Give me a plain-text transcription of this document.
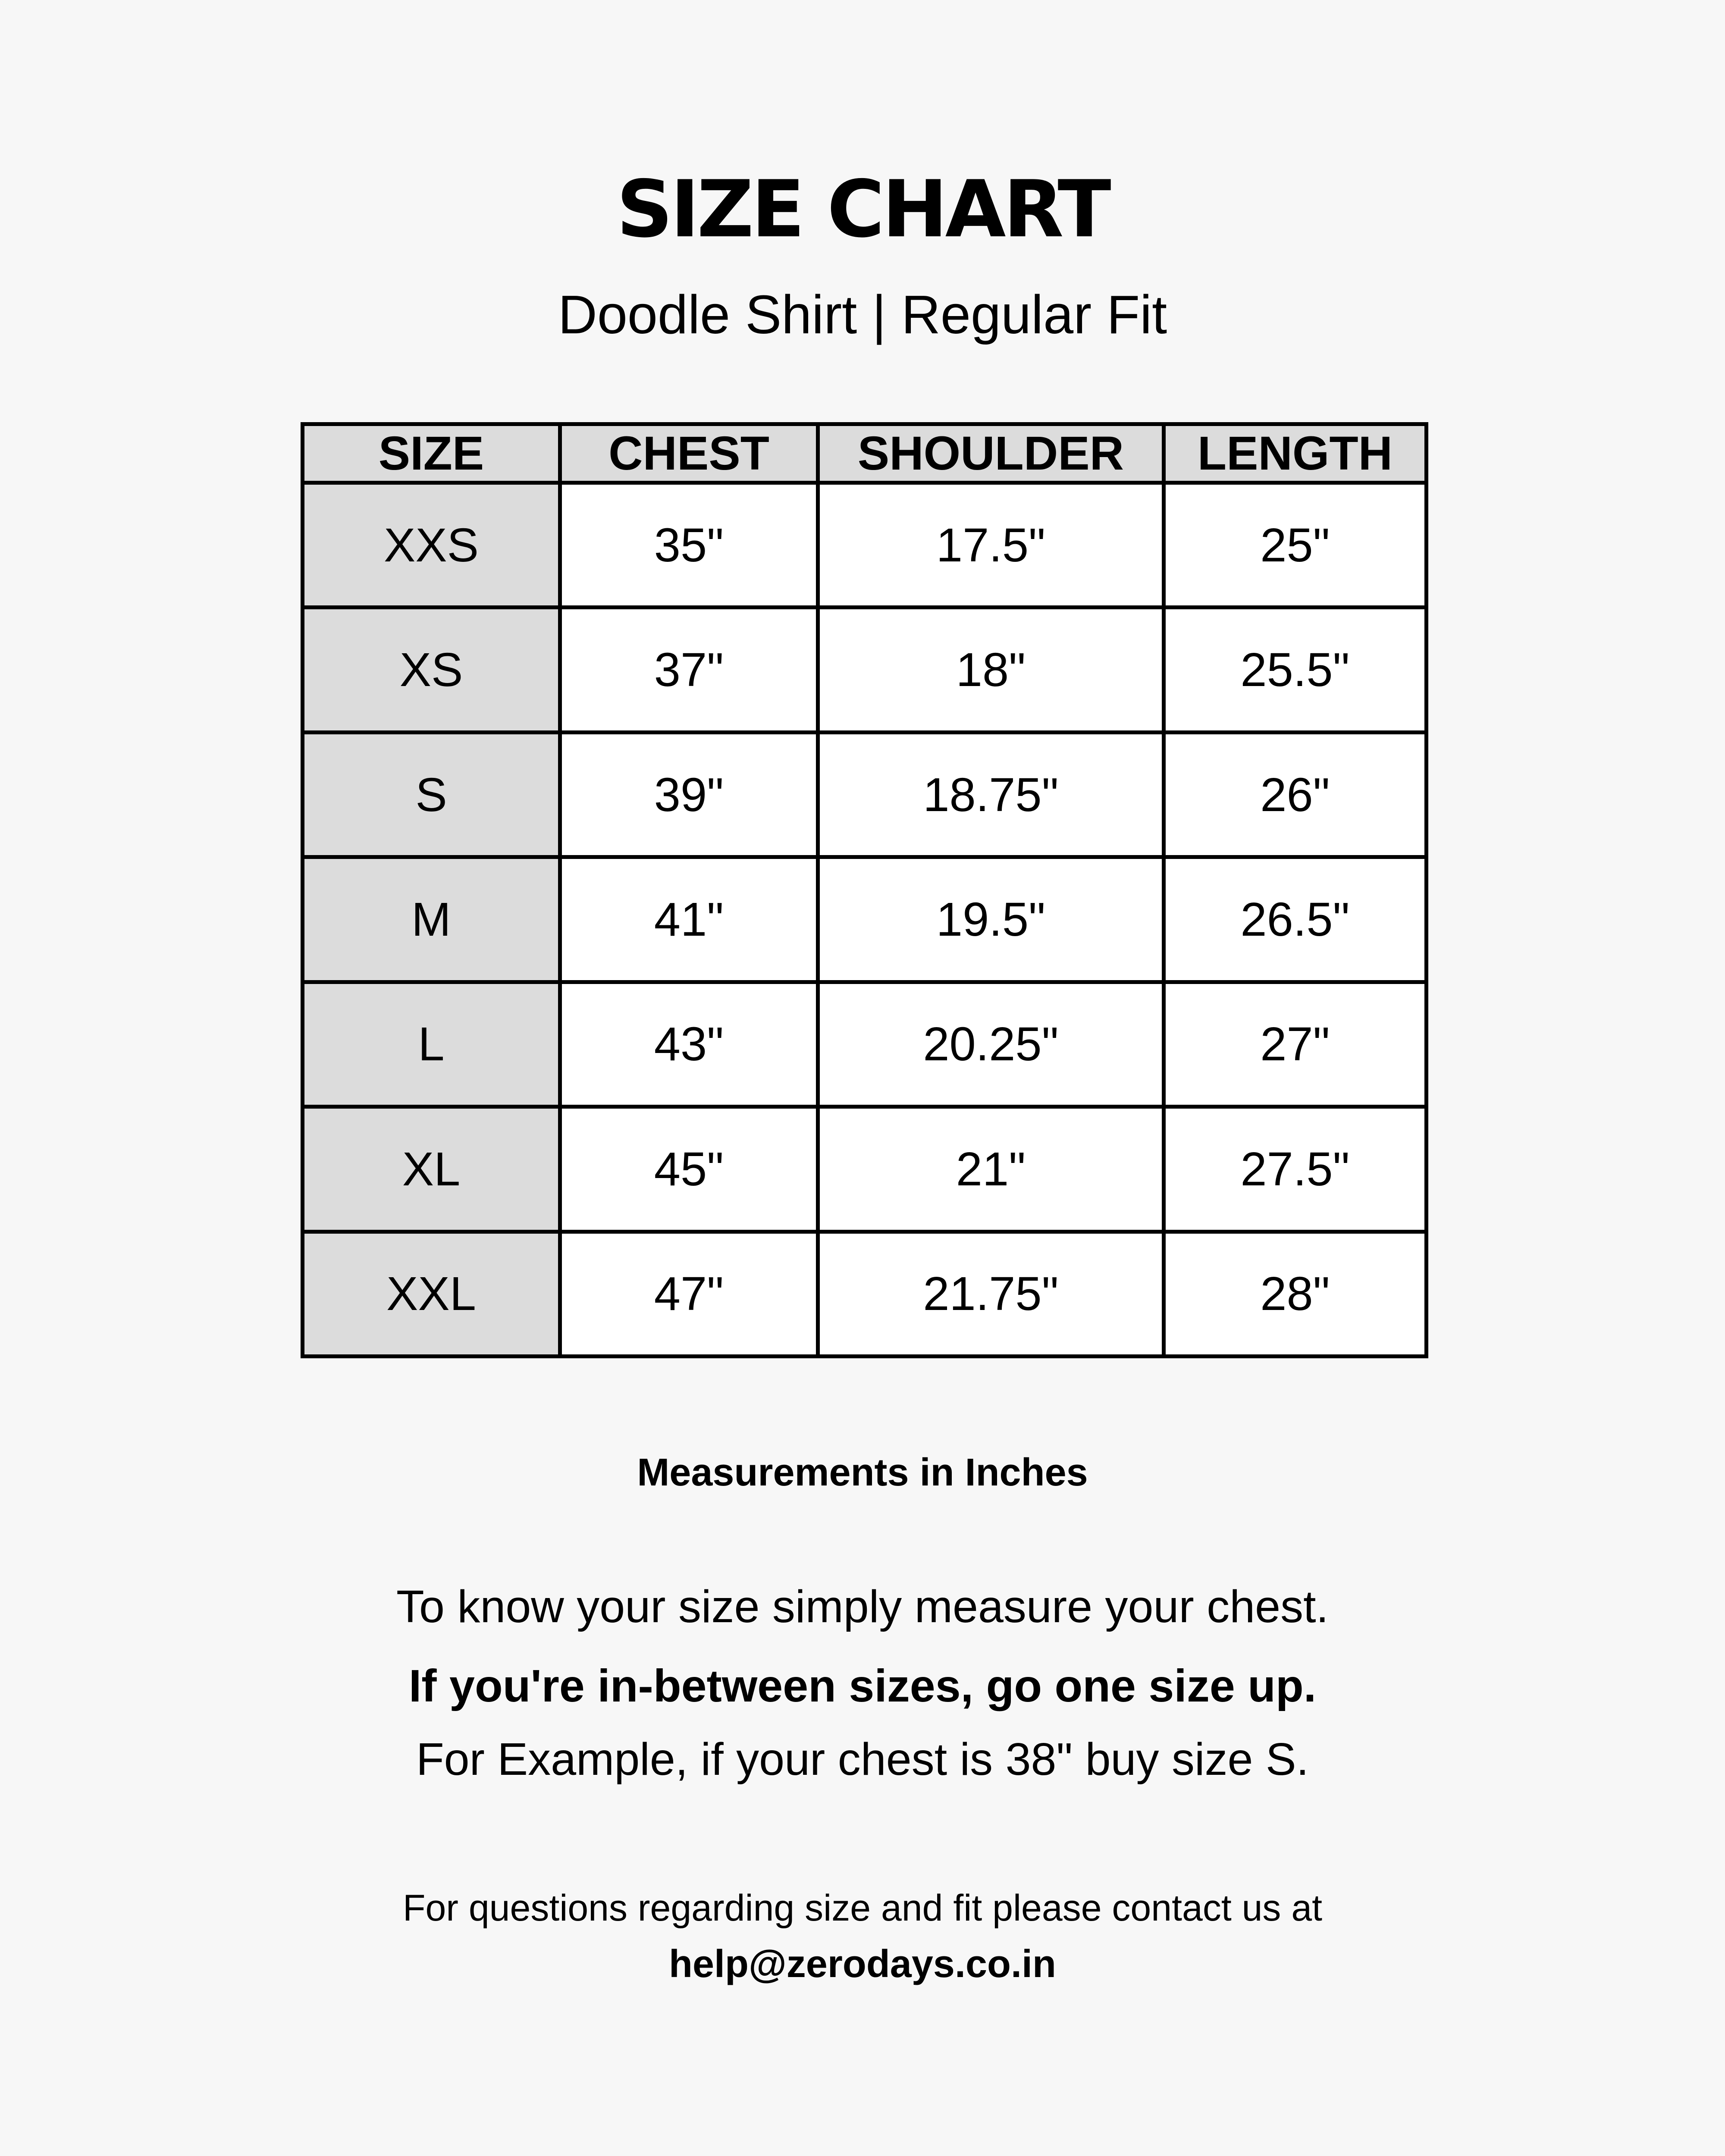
SIZE CHART
Doodle Shirt | Regular Fit
SIZE	CHEST	SHOULDER	LENGTH
XXS	35"	17.5"	25"
XS	37"	18"	25.5"
S	39"	18.75"	26"
M	41"	19.5"	26.5"
L	43"	20.25"	27"
XL	45"	21"	27.5"
XXL	47"	21.75"	28"
Measurements in Inches
To know your size simply measure your chest.
If you're in-between sizes, go one size up.
For Example, if your chest is 38" buy size S.
For questions regarding size and fit please contact us at
help@zerodays.co.in
